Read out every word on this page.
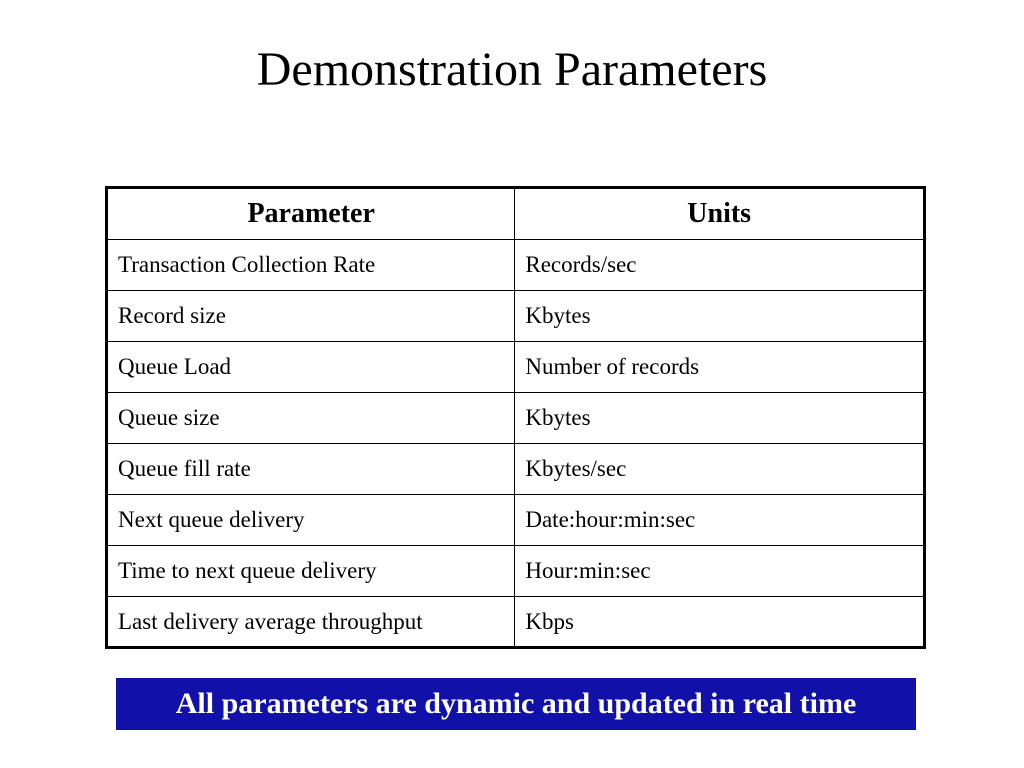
Demonstration Parameters
Parameter	Units
Transaction Collection Rate	Records/sec
Record size	Kbytes
Queue Load	Number of records
Queue size	Kbytes
Queue fill rate	Kbytes/sec
Next queue delivery	Date:hour:min:sec
Time to next queue delivery	Hour:min:sec
Last delivery average throughput	Kbps
All parameters are dynamic and updated in real time
